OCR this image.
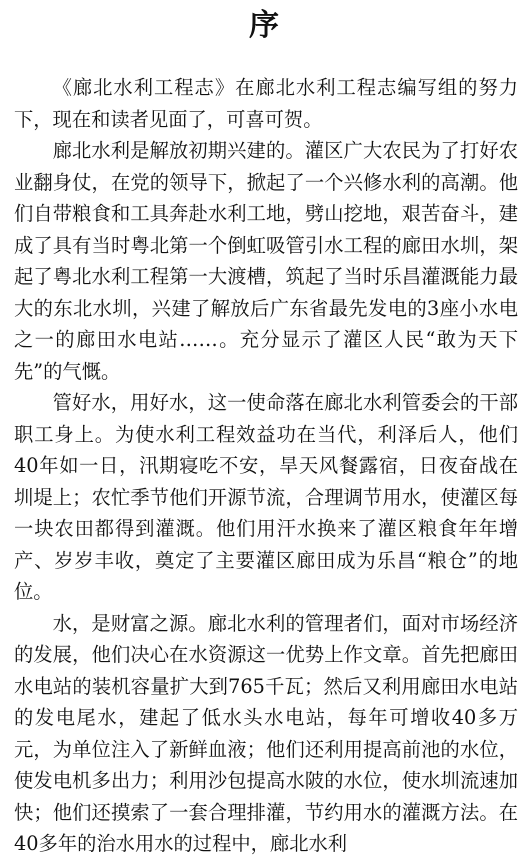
序

《廊北水利工程志》在廊北水利工程志编写组的努力下，现在和读者见面了，可喜可贺。

廊北水利是解放初期兴建的。灌区广大农民为了打好农业翻身仗，在党的领导下，掀起了一个兴修水利的高潮。他们自带粮食和工具奔赴水利工地，劈山挖地，艰苦奋斗，建成了具有当时粤北第一个倒虹吸管引水工程的廊田水圳，架起了粤北水利工程第一大渡槽，筑起了当时乐昌灌溉能力最大的东北水圳，兴建了解放后广东省最先发电的3座小水电之一的廊田水电站……。充分显示了灌区人民“敢为天下先”的气慨。

管好水，用好水，这一使命落在廊北水利管委会的干部职工身上。为使水利工程效益功在当代，利泽后人，他们40年如一日，汛期寝吃不安，旱天风餐露宿，日夜奋战在圳堤上；农忙季节他们开源节流，合理调节用水，使灌区每一块农田都得到灌溉。他们用汗水换来了灌区粮食年年增产、岁岁丰收，奠定了主要灌区廊田成为乐昌“粮仓”的地位。

水，是财富之源。廊北水利的管理者们，面对市场经济的发展，他们决心在水资源这一优势上作文章。首先把廊田水电站的装机容量扩大到765千瓦；然后又利用廊田水电站的发电尾水，建起了低水头水电站，每年可增收40多万元，为单位注入了新鲜血液；他们还利用提高前池的水位，使发电机多出力；利用沙包提高水陂的水位，使水圳流速加快；他们还摸索了一套合理排灌，节约用水的灌溉方法。在40多年的治水用水的过程中，廊北水利
